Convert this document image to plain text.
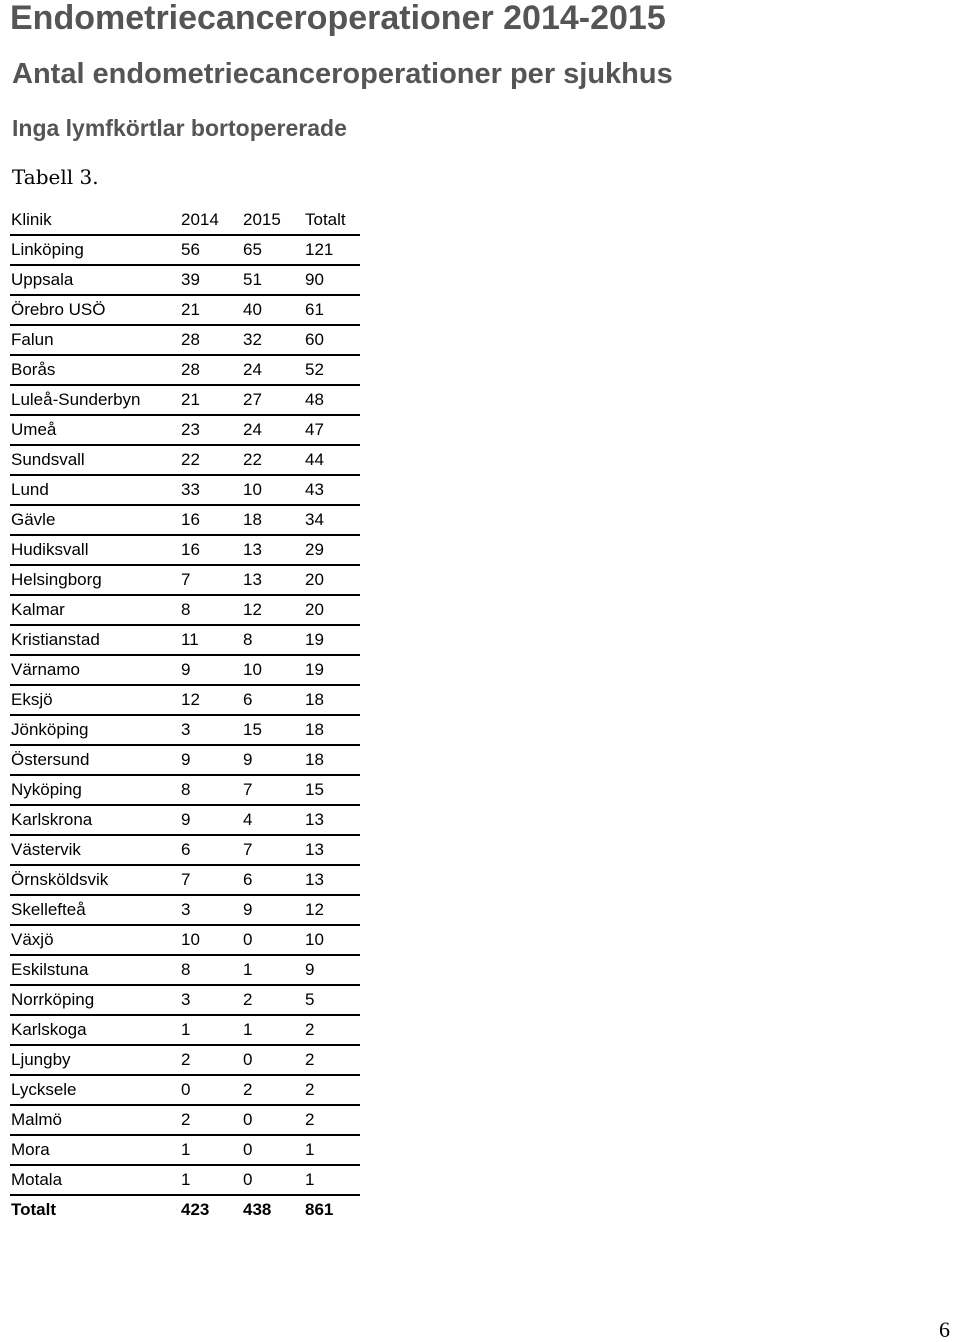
Endometriecanceroperationer 2014-2015
Antal endometriecanceroperationer per sjukhus
Inga lymfkörtlar bortopererade
Tabell 3.
Klinik	2014	2015	Totalt
Linköping	56	65	121
Uppsala	39	51	90
Örebro USÖ	21	40	61
Falun	28	32	60
Borås	28	24	52
Luleå-Sunderbyn	21	27	48
Umeå	23	24	47
Sundsvall	22	22	44
Lund	33	10	43
Gävle	16	18	34
Hudiksvall	16	13	29
Helsingborg	7	13	20
Kalmar	8	12	20
Kristianstad	11	8	19
Värnamo	9	10	19
Eksjö	12	6	18
Jönköping	3	15	18
Östersund	9	9	18
Nyköping	8	7	15
Karlskrona	9	4	13
Västervik	6	7	13
Örnsköldsvik	7	6	13
Skellefteå	3	9	12
Växjö	10	0	10
Eskilstuna	8	1	9
Norrköping	3	2	5
Karlskoga	1	1	2
Ljungby	2	0	2
Lycksele	0	2	2
Malmö	2	0	2
Mora	1	0	1
Motala	1	0	1
Totalt	423	438	861
6
